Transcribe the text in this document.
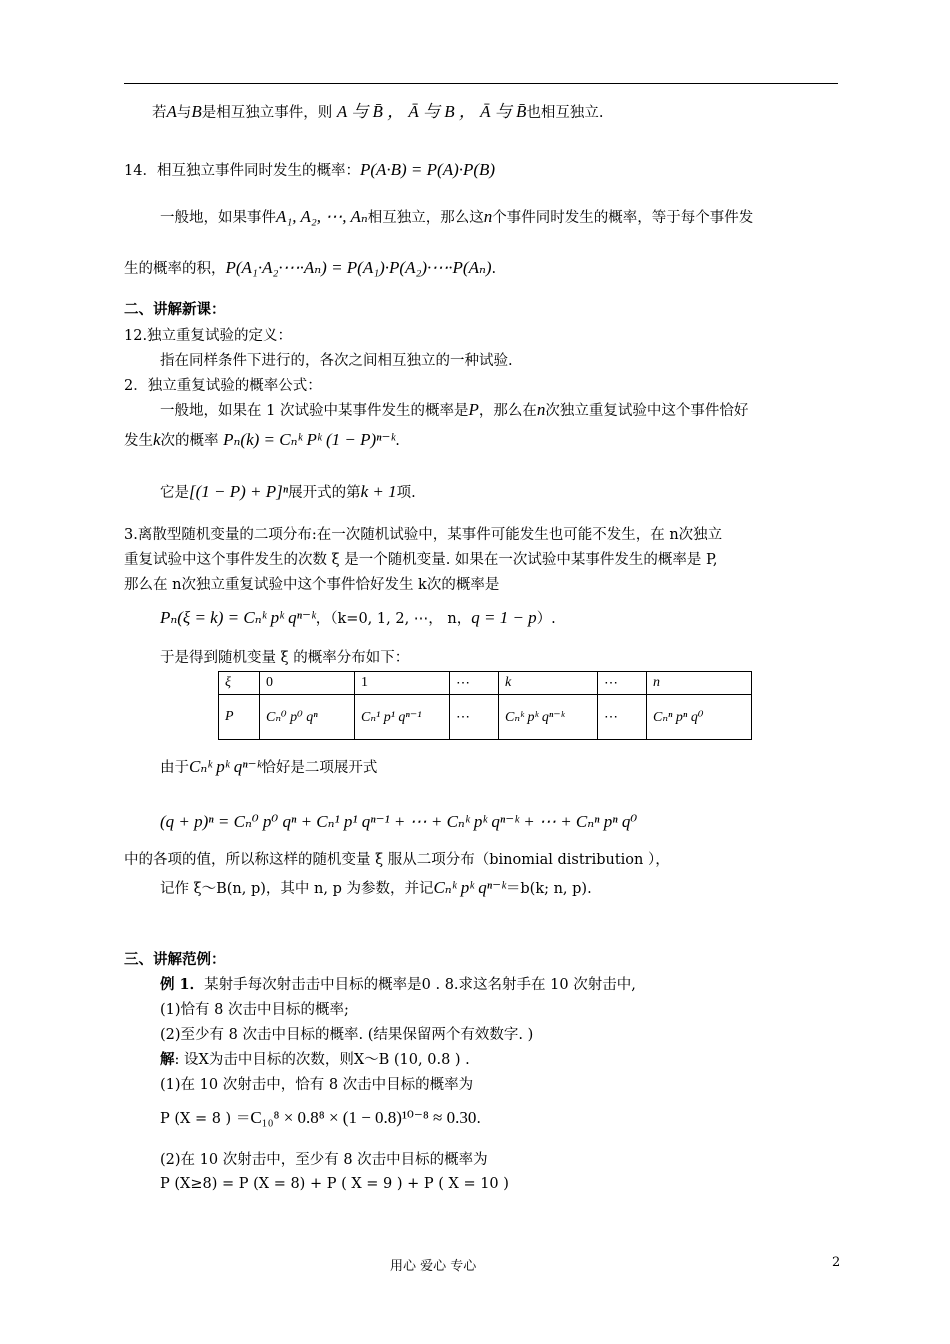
若A与B是相互独立事件，则 A 与 B̄ ， Ā 与 B ， Ā 与 B̄也相互独立.
14．相互独立事件同时发生的概率：P(A·B) = P(A)·P(B)
一般地，如果事件A₁, A₂, ⋯, Aₙ相互独立，那么这n个事件同时发生的概率，等于每个事件发
生的概率的积，P(A₁·A₂·⋯·Aₙ) = P(A₁)·P(A₂)·⋯·P(Aₙ).
二、讲解新课：
12.独立重复试验的定义：
指在同样条件下进行的，各次之间相互独立的一种试验.
2．独立重复试验的概率公式：
一般地，如果在 1 次试验中某事件发生的概率是P，那么在n次独立重复试验中这个事件恰好
发生k次的概率 Pₙ(k) = Cₙᵏ Pᵏ (1 − P)ⁿ⁻ᵏ.
它是[(1 − P) + P]ⁿ展开式的第k + 1项.
3.离散型随机变量的二项分布:在一次随机试验中，某事件可能发生也可能不发生，在 n次独立
重复试验中这个事件发生的次数 ξ 是一个随机变量. 如果在一次试验中某事件发生的概率是 P,
那么在 n次独立重复试验中这个事件恰好发生 k次的概率是
Pₙ(ξ = k) = Cₙᵏ pᵏ qⁿ⁻ᵏ，（k=0, 1, 2, ⋯， n，q = 1 − p）.
于是得到随机变量 ξ 的概率分布如下：
ξ	0	1	⋯	k	⋯	n
P	Cₙ⁰ p⁰ qⁿ	Cₙ¹ p¹ qⁿ⁻¹	⋯	Cₙᵏ pᵏ qⁿ⁻ᵏ	⋯	Cₙⁿ pⁿ q⁰
由于Cₙᵏ pᵏ qⁿ⁻ᵏ恰好是二项展开式
(q + p)ⁿ = Cₙ⁰ p⁰ qⁿ + Cₙ¹ p¹ qⁿ⁻¹ + ⋯ + Cₙᵏ pᵏ qⁿ⁻ᵏ + ⋯ + Cₙⁿ pⁿ q⁰
中的各项的值，所以称这样的随机变量 ξ 服从二项分布（binomial distribution ），
记作 ξ～B(n, p)，其中 n, p 为参数，并记Cₙᵏ pᵏ qⁿ⁻ᵏ＝b(k; n, p).
三、讲解范例：
例 1．某射手每次射击击中目标的概率是0 . 8.求这名射手在 10 次射击中,
(1)恰有 8 次击中目标的概率;
(2)至少有 8 次击中目标的概率. (结果保留两个有效数字. )
解: 设X为击中目标的次数，则X～B (10, 0.8 ) .
(1)在 10 次射击中，恰有 8 次击中目标的概率为
P (X = 8 ) ＝C₁₀⁸ × 0.8⁸ × (1 − 0.8)¹⁰⁻⁸ ≈ 0.30.
(2)在 10 次射击中，至少有 8 次击中目标的概率为
P (X≥8) = P (X = 8) + P ( X = 9 ) + P ( X = 10 )
用心 爱心 专心	2
